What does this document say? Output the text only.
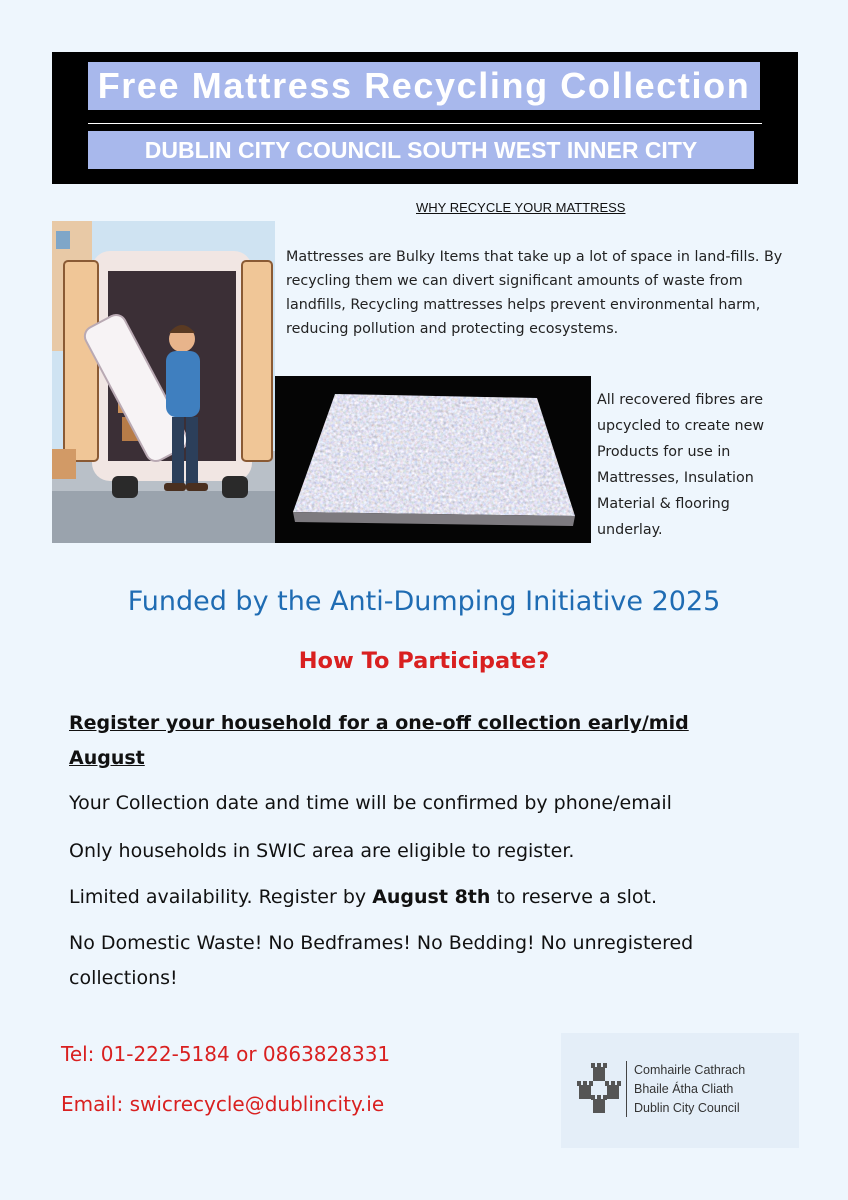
Free Mattress Recycling Collection
DUBLIN CITY COUNCIL SOUTH WEST INNER CITY
WHY RECYCLE YOUR MATTRESS
Mattresses are Bulky Items that take up a lot of space in land-fills. By recycling them we can divert significant amounts of waste from landfills, Recycling mattresses helps prevent environmental harm, reducing pollution and protecting ecosystems.
All recovered fibres are upcycled to create new Products for use in Mattresses, Insulation Material & flooring underlay.
Funded by the Anti-Dumping Initiative 2025
How To Participate?
Register your household for a one-off collection early/mid August
Your Collection date and time will be confirmed by phone/email
Only households in SWIC area are eligible to register.
Limited availability. Register by August 8th to reserve a slot.
No Domestic Waste! No Bedframes! No Bedding! No unregistered collections!
Tel: 01-222-5184 or 0863828331
Email: swicrecycle@dublincity.ie
Comhairle Cathrach
Bhaile Átha Cliath
Dublin City Council
